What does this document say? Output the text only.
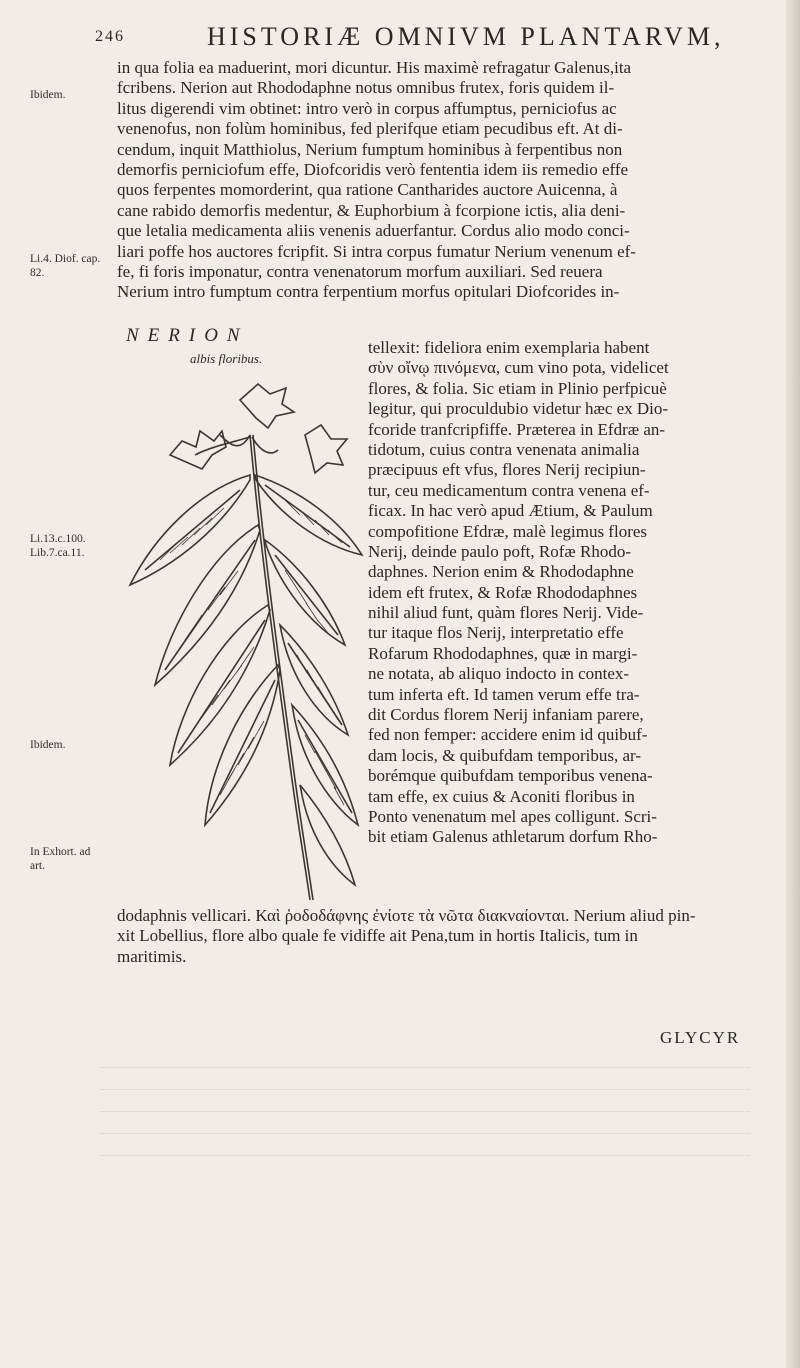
246	HISTORIÆ OMNIVM PLANTARVM,
Ibidem.
Li.4. Diof. cap. 82.
Li.13.c.100. Lib.7.ca.11.
Ibidem.
In Exhort. ad art.
in qua folia ea maduerint, mori dicuntur. His maximè refragatur Galenus,ita
fcribens. Nerion aut Rhododaphne notus omnibus frutex, foris quidem il-
litus digerendi vim obtinet: intro verò in corpus affumptus, perniciofus ac
venenofus, non folùm hominibus, fed plerifque etiam pecudibus eft. At di-
cendum, inquit Matthiolus, Nerium fumptum hominibus à ferpentibus non
demorfis perniciofum effe, Diofcoridis verò fententia idem iis remedio effe
quos ferpentes momorderint, qua ratione Cantharides auctore Auicenna, à
cane rabido demorfis medentur, & Euphorbium à fcorpione ictis, alia deni-
que letalia medicamenta aliis venenis aduerfantur. Cordus alio modo conci-
liari poffe hos auctores fcripfit. Si intra corpus fumatur Nerium venenum ef-
fe, fi foris imponatur, contra venenatorum morfum auxiliari. Sed reuera
Nerium intro fumptum contra ferpentium morfus opitulari Diofcorides in-
NERION
albis floribus.
tellexit: fideliora enim exemplaria habent
σὺν οἴνῳ πινόμενα, cum vino pota, videlicet
flores, & folia. Sic etiam in Plinio perfpicuè
legitur, qui proculdubio videtur hæc ex Dio-
fcoride tranfcripfiffe. Præterea in Efdræ an-
tidotum, cuius contra venenata animalia
præcipuus eft vfus, flores Nerij recipiun-
tur, ceu medicamentum contra venena ef-
ficax. In hac verò apud Ætium, & Paulum
compofitione Efdræ, malè legimus flores
Nerij, deinde paulo poft, Rofæ Rhodo-
daphnes. Nerion enim & Rhododaphne
idem eft frutex, & Rofæ Rhododaphnes
nihil aliud funt, quàm flores Nerij. Vide-
tur itaque flos Nerij, interpretatio effe
Rofarum Rhododaphnes, quæ in margi-
ne notata, ab aliquo indocto in contex-
tum inferta eft. Id tamen verum effe tra-
dit Cordus florem Nerij infaniam parere,
fed non femper: accidere enim id quibuf-
dam locis, & quibufdam temporibus, ar-
borémque quibufdam temporibus venena-
tam effe, ex cuius & Aconiti floribus in
Ponto venenatum mel apes colligunt. Scri-
bit etiam Galenus athletarum dorfum Rho-
dodaphnis vellicari. Καὶ ῥοδοδάφνης ἐνίοτε τὰ νῶτα διακναίονται. Nerium aliud pin-
xit Lobellius, flore albo quale fe vidiffe ait Pena,tum in hortis Italicis, tum in
maritimis.
GLYCYR
